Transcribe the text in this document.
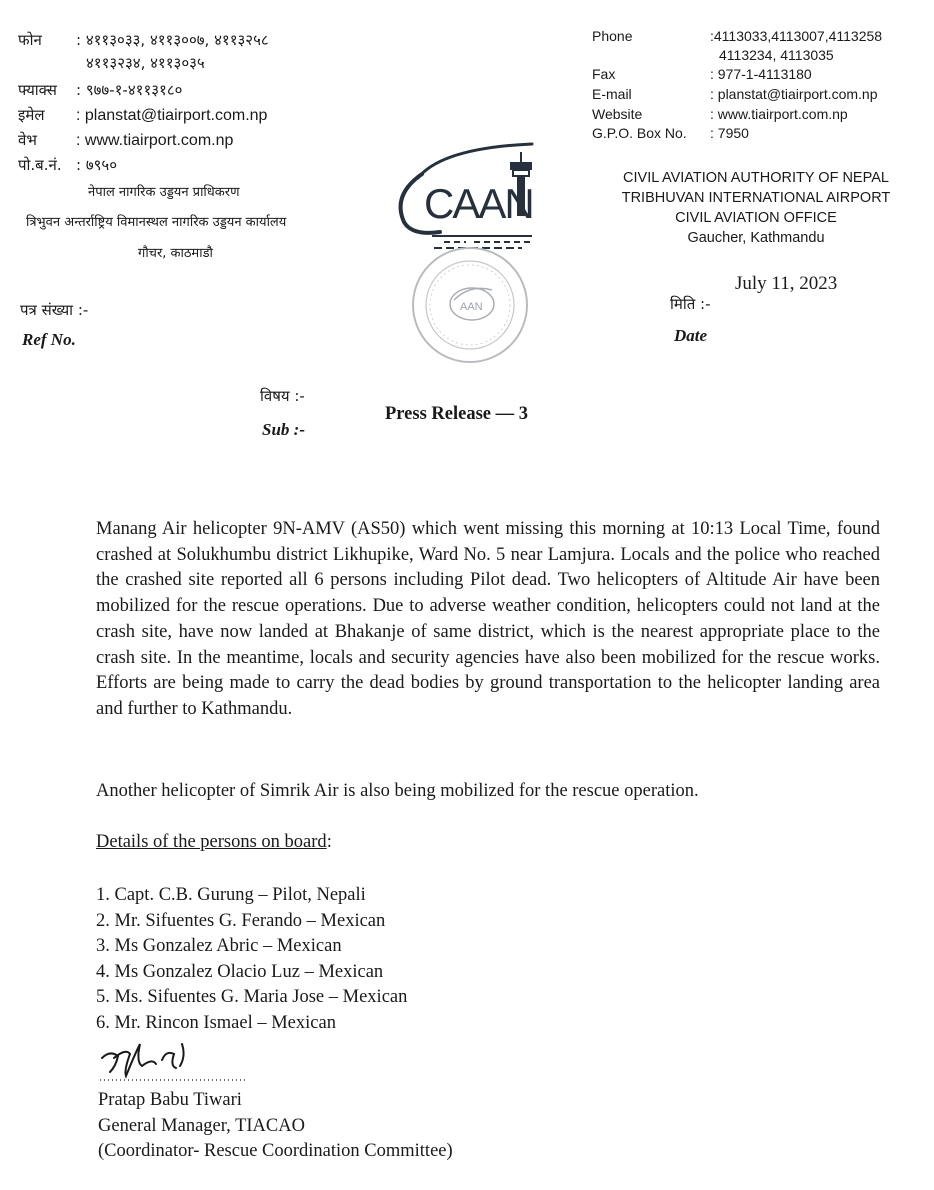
फोन : ४११३०३३, ४११३००७, ४११३२५८
४११३२३४, ४११३०३५
फ्याक्स : ९७७-१-४११३१८०
इमेल : planstat@tiairport.com.np
वेभ : www.tiairport.com.np
पो.ब.नं. : ७९५०
नेपाल नागरिक उड्डयन प्राधिकरण
त्रिभुवन अन्तर्राष्ट्रिय विमानस्थल नागरिक उड्डयन कार्यालय
गौचर, काठमाडौ
CAAN
AAN
Phone	:4113033,4113007,4113258
4113234, 4113035
Fax	: 977-1-4113180
E-mail	: planstat@tiairport.com.np
Website	: www.tiairport.com.np
G.P.O. Box No. : 7950
CIVIL AVIATION AUTHORITY OF NEPAL
TRIBHUVAN INTERNATIONAL AIRPORT
CIVIL AVIATION OFFICE
Gaucher, Kathmandu
पत्र संख्या :-
Ref No.
July 11, 2023
मिति :-
Date
विषय :-
Sub :-
Press Release — 3
Manang Air helicopter 9N-AMV (AS50) which went missing this morning at 10:13 Local Time, found crashed at Solukhumbu district Likhupike, Ward No. 5 near Lamjura. Locals and the police who reached the crashed site reported all 6 persons including Pilot dead. Two helicopters of Altitude Air have been mobilized for the rescue operations. Due to adverse weather condition, helicopters could not land at the crash site, have now landed at Bhakanje of same district, which is the nearest appropriate place to the crash site. In the meantime, locals and security agencies have also been mobilized for the rescue works. Efforts are being made to carry the dead bodies by ground transportation to the helicopter landing area and further to Kathmandu.
Another helicopter of Simrik Air is also being mobilized for the rescue operation.
Details of the persons on board:
1. Capt. C.B. Gurung – Pilot, Nepali
2. Mr. Sifuentes G. Ferando – Mexican
3. Ms Gonzalez Abric – Mexican
4. Ms Gonzalez Olacio Luz – Mexican
5. Ms. Sifuentes G. Maria Jose – Mexican
6. Mr. Rincon Ismael – Mexican
Pratap Babu Tiwari
General Manager, TIACAO
(Coordinator- Rescue Coordination Committee)
